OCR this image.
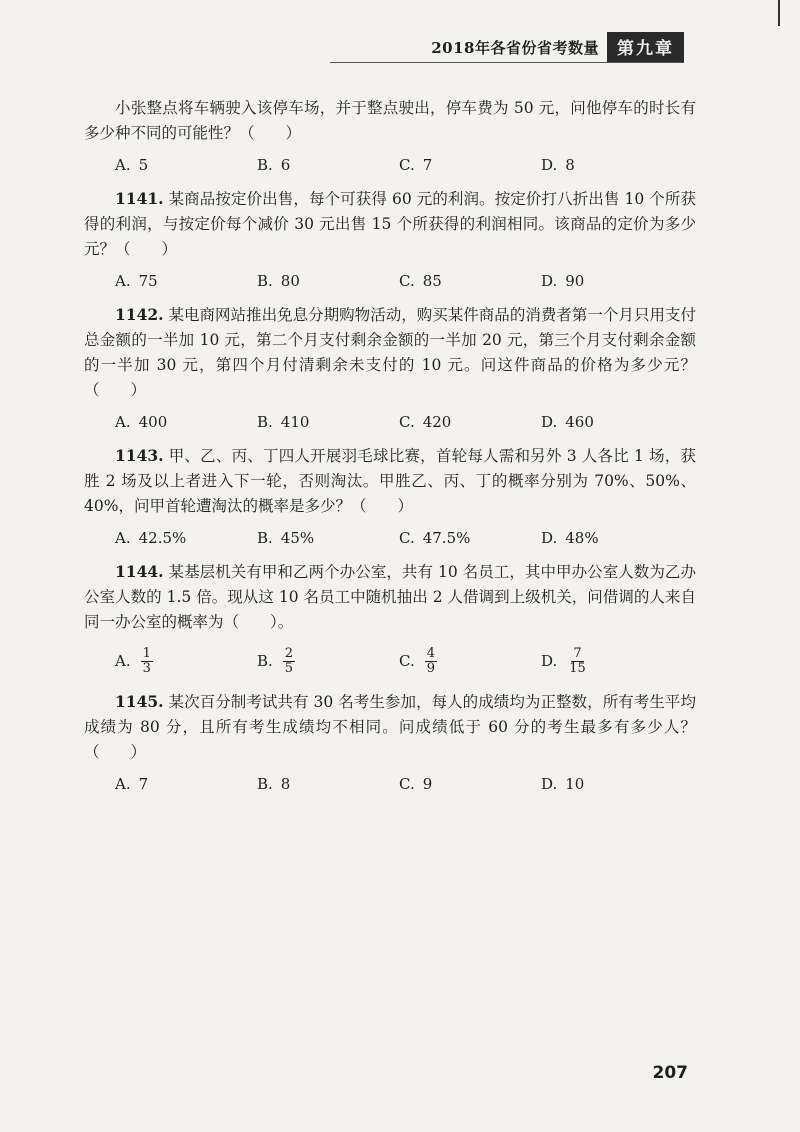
2018年各省份省考数量	第九章

小张整点将车辆驶入该停车场，并于整点驶出，停车费为 50 元，问他停车的时长有多少种不同的可能性？（　　）

A. 5	B. 6	C. 7	D. 8

1141. 某商品按定价出售，每个可获得 60 元的利润。按定价打八折出售 10 个所获得的利润，与按定价每个减价 30 元出售 15 个所获得的利润相同。该商品的定价为多少元？（　　）

A. 75	B. 80	C. 85	D. 90

1142. 某电商网站推出免息分期购物活动，购买某件商品的消费者第一个月只用支付总金额的一半加 10 元，第二个月支付剩余金额的一半加 20 元，第三个月支付剩余金额的一半加 30 元，第四个月付清剩余未支付的 10 元。问这件商品的价格为多少元？（　　）

A. 400	B. 410	C. 420	D. 460

1143. 甲、乙、丙、丁四人开展羽毛球比赛，首轮每人需和另外 3 人各比 1 场，获胜 2 场及以上者进入下一轮，否则淘汰。甲胜乙、丙、丁的概率分别为 70%、50%、40%，问甲首轮遭淘汰的概率是多少？（　　）

A. 42.5%	B. 45%	C. 47.5%	D. 48%

1144. 某基层机关有甲和乙两个办公室，共有 10 名员工，其中甲办公室人数为乙办公室人数的 1.5 倍。现从这 10 名员工中随机抽出 2 人借调到上级机关，问借调的人来自同一办公室的概率为（　　）。

A. $\frac{1}{3}$	B. $\frac{2}{5}$	C. $\frac{4}{9}$	D. $\frac{7}{15}$

1145. 某次百分制考试共有 30 名考生参加，每人的成绩均为正整数，所有考生平均成绩为 80 分，且所有考生成绩均不相同。问成绩低于 60 分的考生最多有多少人？（　　）

A. 7	B. 8	C. 9	D. 10
207
